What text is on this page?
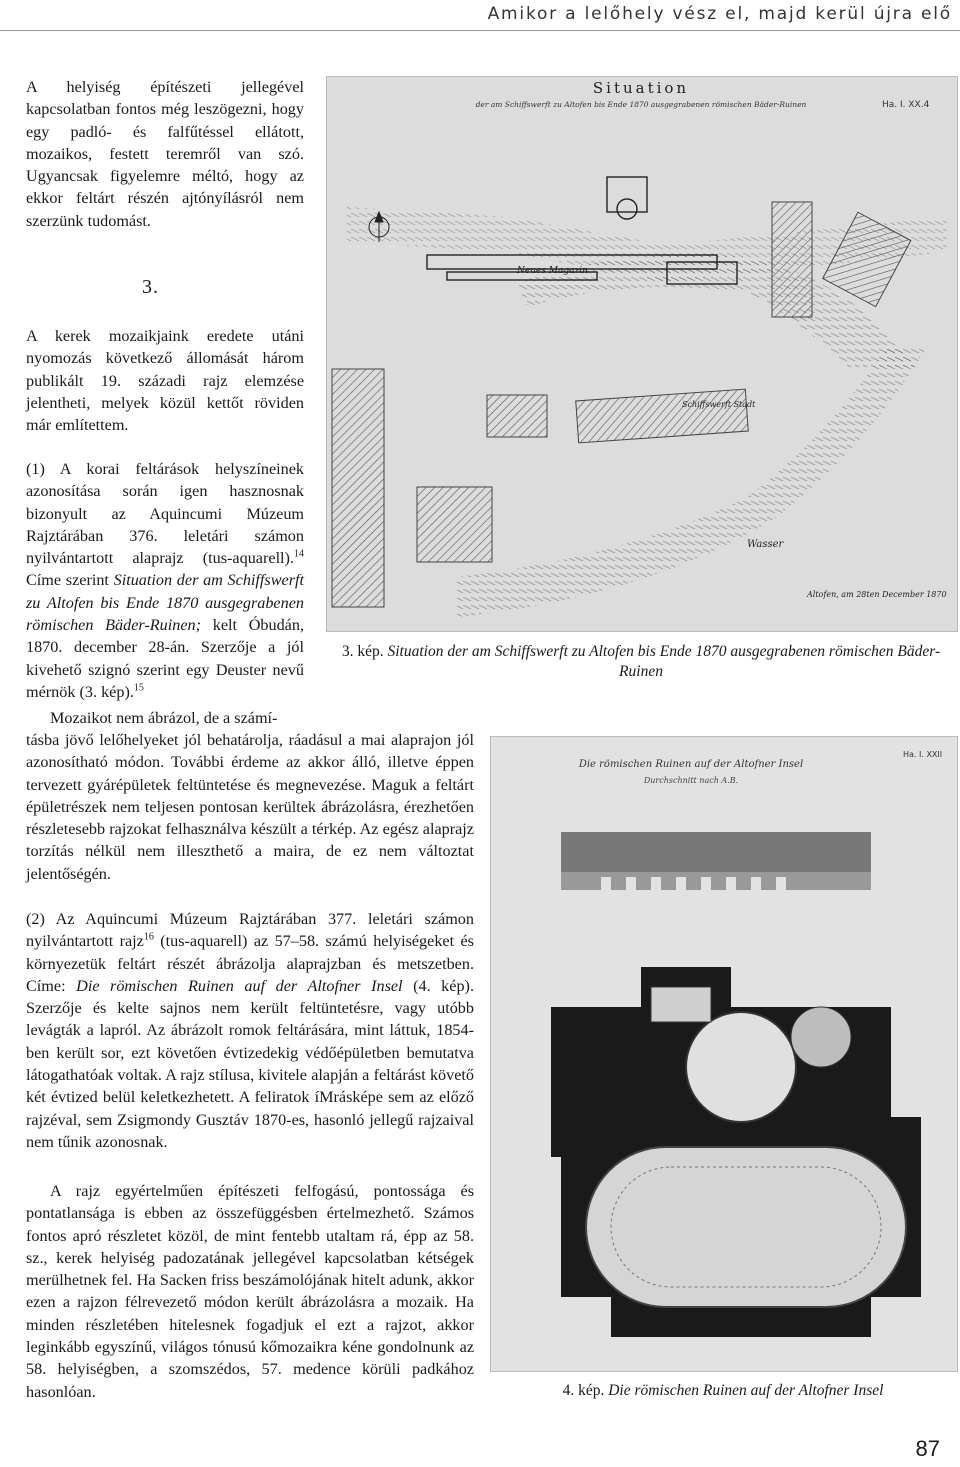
Amikor a lelőhely vész el, majd kerül újra elő

A helyiség építészeti jellegével kapcsolatban fontos még leszögezni, hogy egy padló- és falfűtéssel ellátott, mozaikos, festett teremről van szó. Ugyancsak figyelemre méltó, hogy az ekkor feltárt részén ajtónyílásról nem szerzünk tudomást.

3.

A kerek mozaikjaink eredete utáni nyomozás következő állomását három publikált 19. századi rajz elemzése jelentheti, melyek közül kettőt röviden már említettem.

(1) A korai feltárások helyszíneinek azonosítása során igen hasznosnak bizonyult az Aquincumi Múzeum Rajztárában 376. leletári számon nyilvántartott alaprajz (tus-aquarell).$^{14}$ Címe szerint Situation der am Schiffswerft zu Altofen bis Ende 1870 ausgegrabenen römischen Bäder-Ruinen; kelt Óbudán, 1870. december 28-án. Szerzője a jól kivehető szignó szerint egy Deuster nevű mérnök (3. kép).$^{15}$

Mozaikot nem ábrázol, de a számí-

tásba jövő lelőhelyeket jól behatárolja, ráadásul a mai alaprajon jól azonosítható módon. További érdeme az akkor álló, illetve éppen tervezett gyárépületek feltüntetése és megnevezése. Maguk a feltárt épületrészek nem teljesen pontosan kerültek ábrázolásra, érezhetően részletesebb rajzokat felhasználva készült a térkép. Az egész alaprajz torzítás nélkül nem illeszthető a maira, de ez nem változtat jelentőségén.

(2) Az Aquincumi Múzeum Rajztárában 377. leletári számon nyilvántartott rajz$^{16}$ (tus-aquarell) az 57–58. számú helyiségeket és környezetük feltárt részét ábrázolja alaprajzban és metszetben. Címe: Die römischen Ruinen auf der Altofner Insel (4. kép). Szerzője és kelte sajnos nem került feltüntetésre, vagy utóbb levágták a lapról. Az ábrázolt romok feltárására, mint láttuk, 1854-ben került sor, ezt követően évtizedekig védőépületben bemutatva látogathatóak voltak. A rajz stílusa, kivitele alapján a feltárást követő két évtized belül keletkezhetett. A feliratok íMrásképe sem az előző rajzéval, sem Zsigmondy Gusztáv 1870-es, hasonló jellegű rajzaival nem tűnik azonosnak.

A rajz egyértelműen építészeti felfogású, pontossága és pontatlansága is ebben az összefüggésben értelmezhető. Számos fontos apró részletet közöl, de mint fentebb utaltam rá, épp az 58. sz., kerek helyiség padozatának jellegével kapcsolatban kétségek merülhetnek fel. Ha Sacken friss beszámolójának hitelt adunk, akkor ezen a rajzon félrevezető módon került ábrázolásra a mozaik. Ha minden részletében hitelesnek fogadjuk el ezt a rajzot, akkor leginkább egyszínű, világos tónusú kőmozaikra kéne gondolnunk az 58. helyiségben, a szomszédos, 57. medence körüli padkához hasonlóan.

Situation
der am Schiffswerft zu Altofen bis Ende 1870 ausgegrabenen römischen Bäder-Ruinen	Ha. I. XX.4
Neues Magazin
Schiffswerft Stadt
Wasser
Altofen, am 28ten December 1870
3. kép. Situation der am Schiffswerft zu Altofen bis Ende 1870 ausgegrabenen römischen Bäder-Ruinen
Die römischen Ruinen auf der Altofner Insel
Durchschnitt nach A.B.
Ha. I. XXII
4. kép. Die römischen Ruinen auf der Altofner Insel
87
